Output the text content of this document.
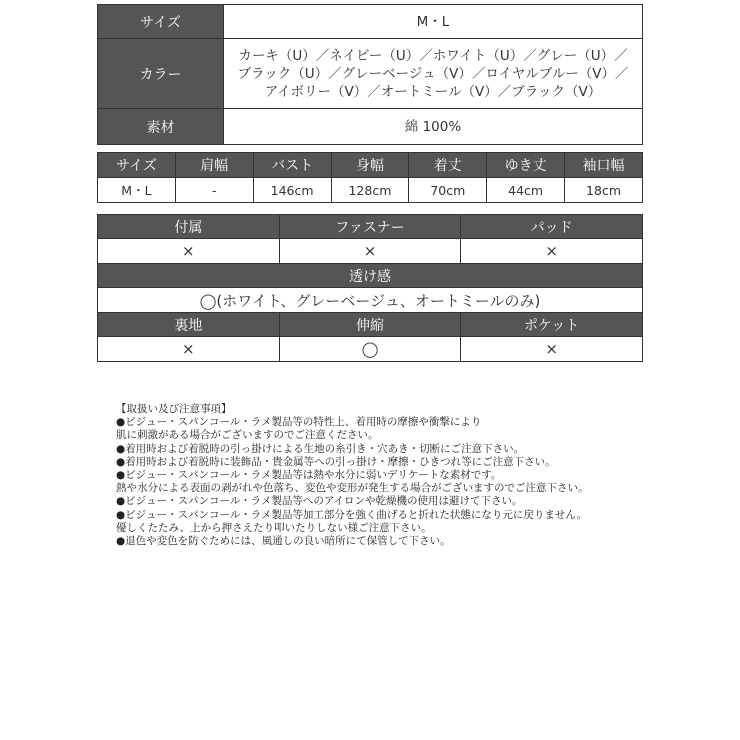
サイズ	M・L
カラー	カーキ（U）／ネイビー（U）／ホワイト（U）／グレー（U）／
ブラック（U）／グレーベージュ（V）／ロイヤルブルー（V）／
アイボリー（V）／オートミール（V）／ブラック（V）

素材	綿 100%
サイズ	肩幅	バスト	身幅	着丈	ゆき丈	袖口幅
M・L	-	146cm	128cm	70cm	44cm	18cm
付属	ファスナー	パッド
×	×	×
透け感		
◯(ホワイト、グレーベージュ、オートミールのみ)		
裏地	伸縮	ポケット
×	◯	×
【取扱い及び注意事項】
●ビジュー・スパンコール・ラメ製品等の特性上、着用時の摩擦や衝撃により
肌に刺激がある場合がございますのでご注意ください。
●着用時および着脱時の引っ掛けによる生地の糸引き・穴あき・切断にご注意下さい。
●着用時および着脱時に装飾品・貴金属等への引っ掛け・摩擦・ひきつれ等にご注意下さい。
●ビジュー・スパンコール・ラメ製品等は熱や水分に弱いデリケートな素材です。
熱や水分による表面の剥がれや色落ち、変色や変形が発生する場合がございますのでご注意下さい。
●ビジュー・スパンコール・ラメ製品等へのアイロンや乾燥機の使用は避けて下さい。
●ビジュー・スパンコール・ラメ製品等加工部分を強く曲げると折れた状態になり元に戻りません。
優しくたたみ、上から押さえたり叩いたりしない様ご注意下さい。
●退色や変色を防ぐためには、風通しの良い暗所にて保管して下さい。
